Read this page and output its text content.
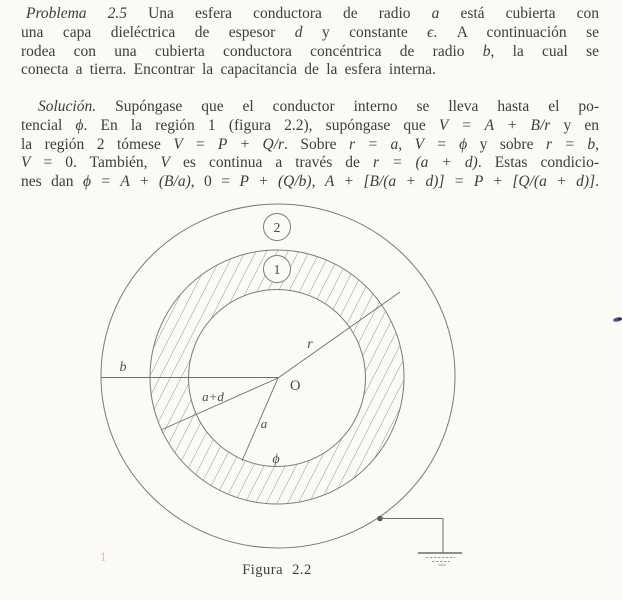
Problema 2.5 Una esfera conductora de radio a está cubierta con
una capa dieléctrica de espesor d y constante ϵ. A continuación se
rodea con una cubierta conductora concéntrica de radio b, la cual se
conecta a tierra. Encontrar la capacitancia de la esfera interna.
Solución. Supóngase que el conductor interno se lleva hasta el po-
tencial ϕ. En la región 1 (figura 2.2), supóngase que V = A + B/r y en
la región 2 tómese V = P + Q/r. Sobre r = a, V = ϕ y sobre r = b,
V = 0. También, V es continua a través de r = (a + d). Estas condicio-
nes dan ϕ = A + (B/a), 0 = P + (Q/b), A + [B/(a + d)] = P + [Q/(a + d)].
2
1
b
r
a+d
a
ϕ
O
Figura 2.2
1
